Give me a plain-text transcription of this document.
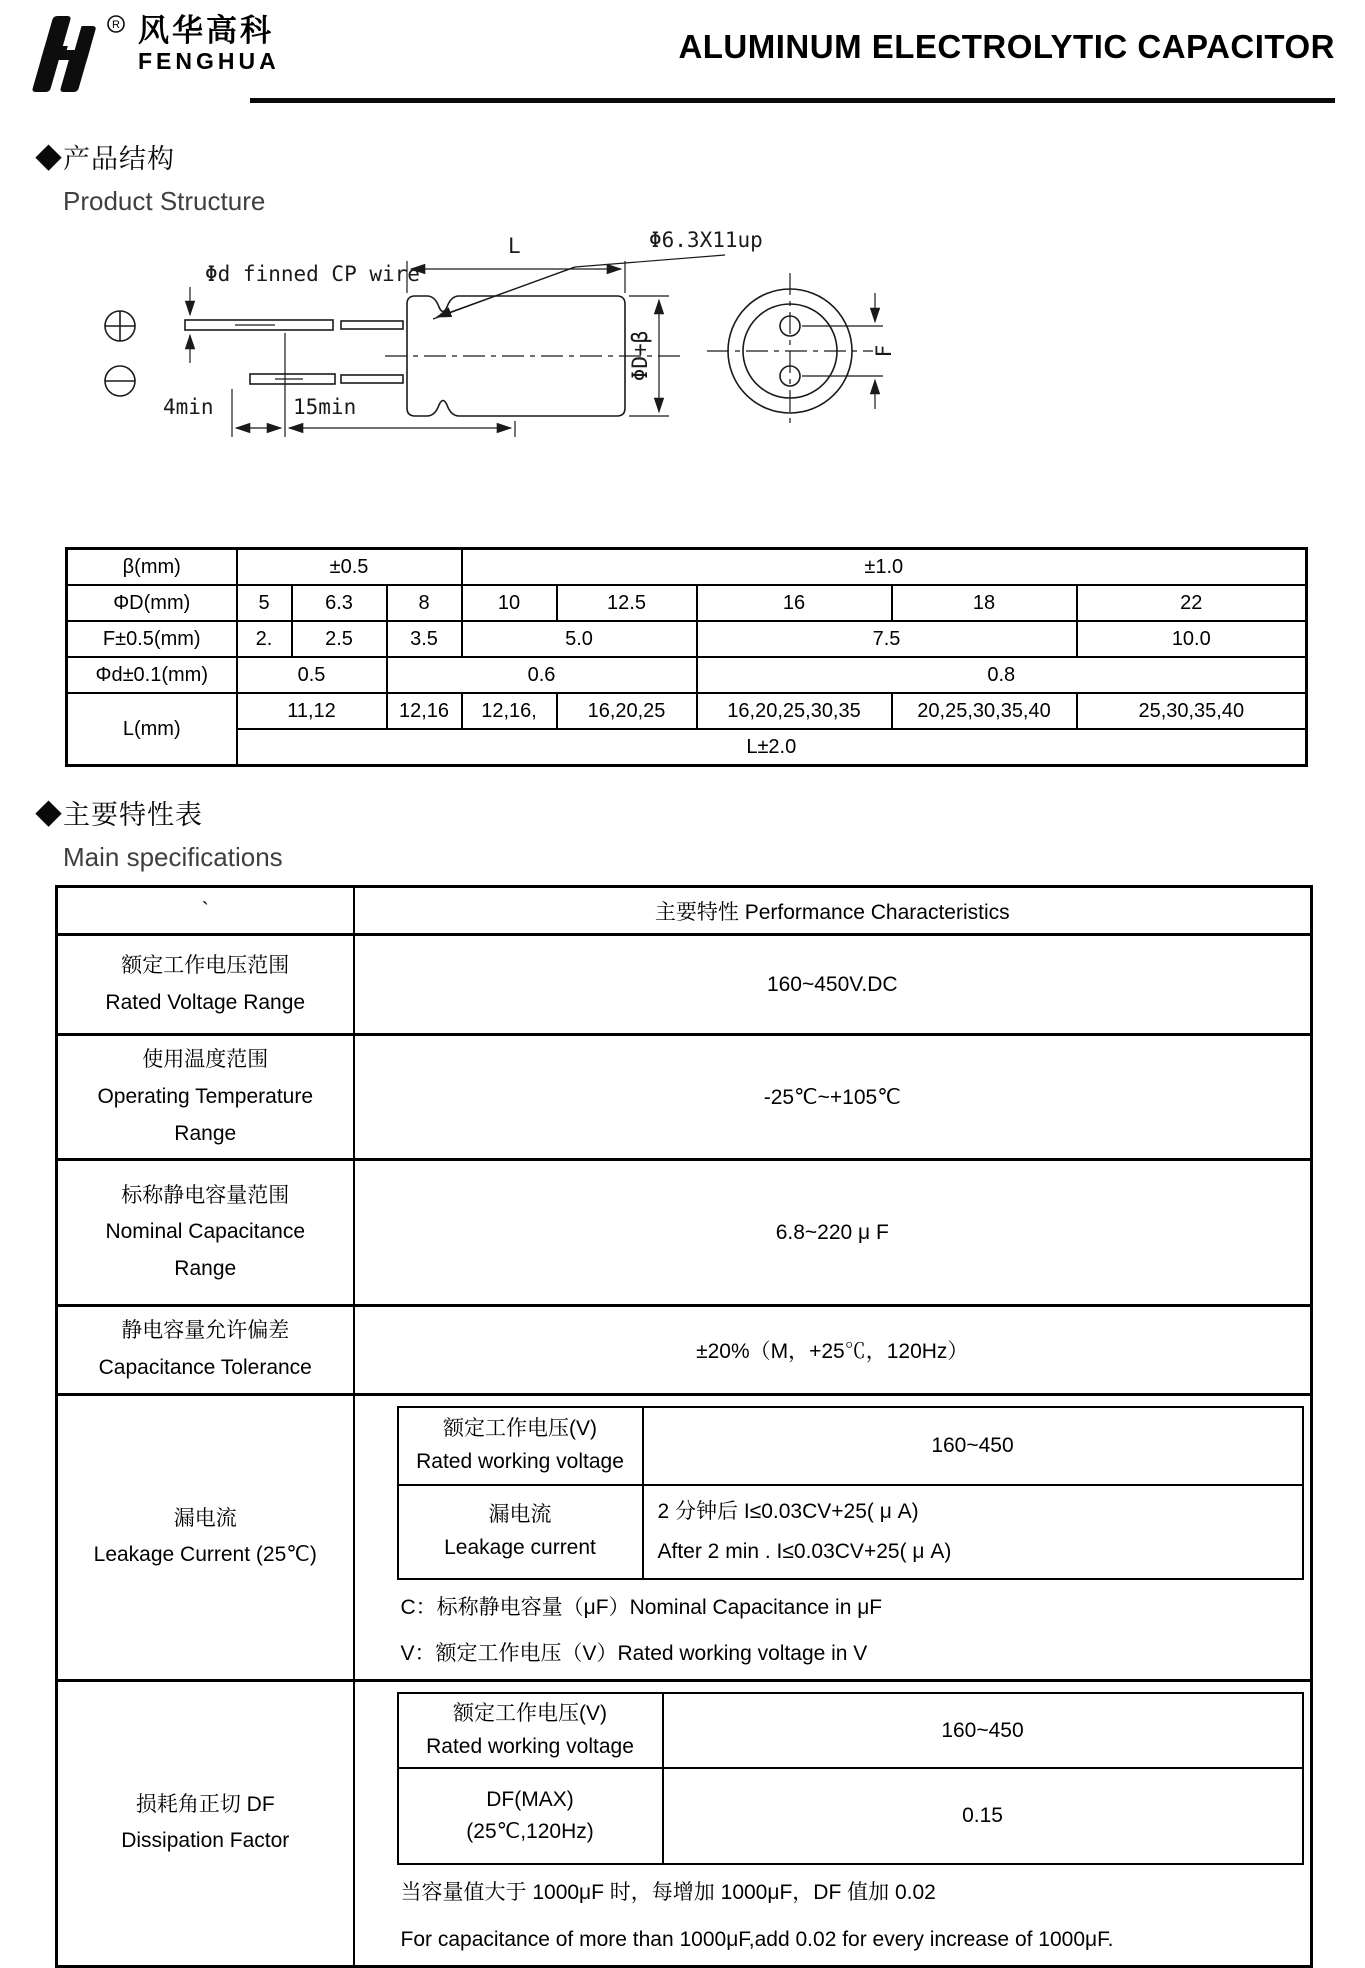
R 风华高科
FENGHUA	ALUMINUM ELECTROLYTIC CAPACITOR
◆产品结构
Product Structure
Φd finned CP wire
L	Φ6.3X11up
ΦD+β
4min	15min
F
β(mm)	±0.5			±1.0				
ΦD(mm)	5	6.3	8	10	12.5	16	18	22
F±0.5(mm)	2.	2.5	3.5	5.0		7.5		10.0
Φd±0.1(mm)	0.5		0.6			0.8		
L(mm)	11,12		12,16	12,16,	16,20,25	16,20,25,30,35	20,25,30,35,40	25,30,35,40
	L±2.0							
◆主要特性表
Main specifications
`	主要特性 Performance Characteristics

额定工作电压范围
Rated Voltage Range
	160~450V.DC

使用温度范围
Operating Temperature
Range
	-25℃~+105℃

标称静电容量范围
Nominal Capacitance
Range
	6.8~220 μ F

静电容量允许偏差
Capacitance Tolerance
	±20%（M，+25℃，120Hz）

漏电流
Leakage Current (25℃)

额定工作电压(V)
Rated working voltage
	160~450

漏电流
Leakage current

2 分钟后 I≤0.03CV+25( μ A)
After 2 min . I≤0.03CV+25( μ A)
C：标称静电容量（μF）Nominal Capacitance in μF
V：额定工作电压（V）Rated working voltage in V

损耗角正切 DF
Dissipation Factor

额定工作电压(V)
Rated working voltage
	160~450

DF(MAX)
(25℃,120Hz)
	0.15
当容量值大于 1000μF 时，每增加 1000μF，DF 值加 0.02
For capacitance of more than 1000μF,add 0.02 for every increase of 1000μF.
